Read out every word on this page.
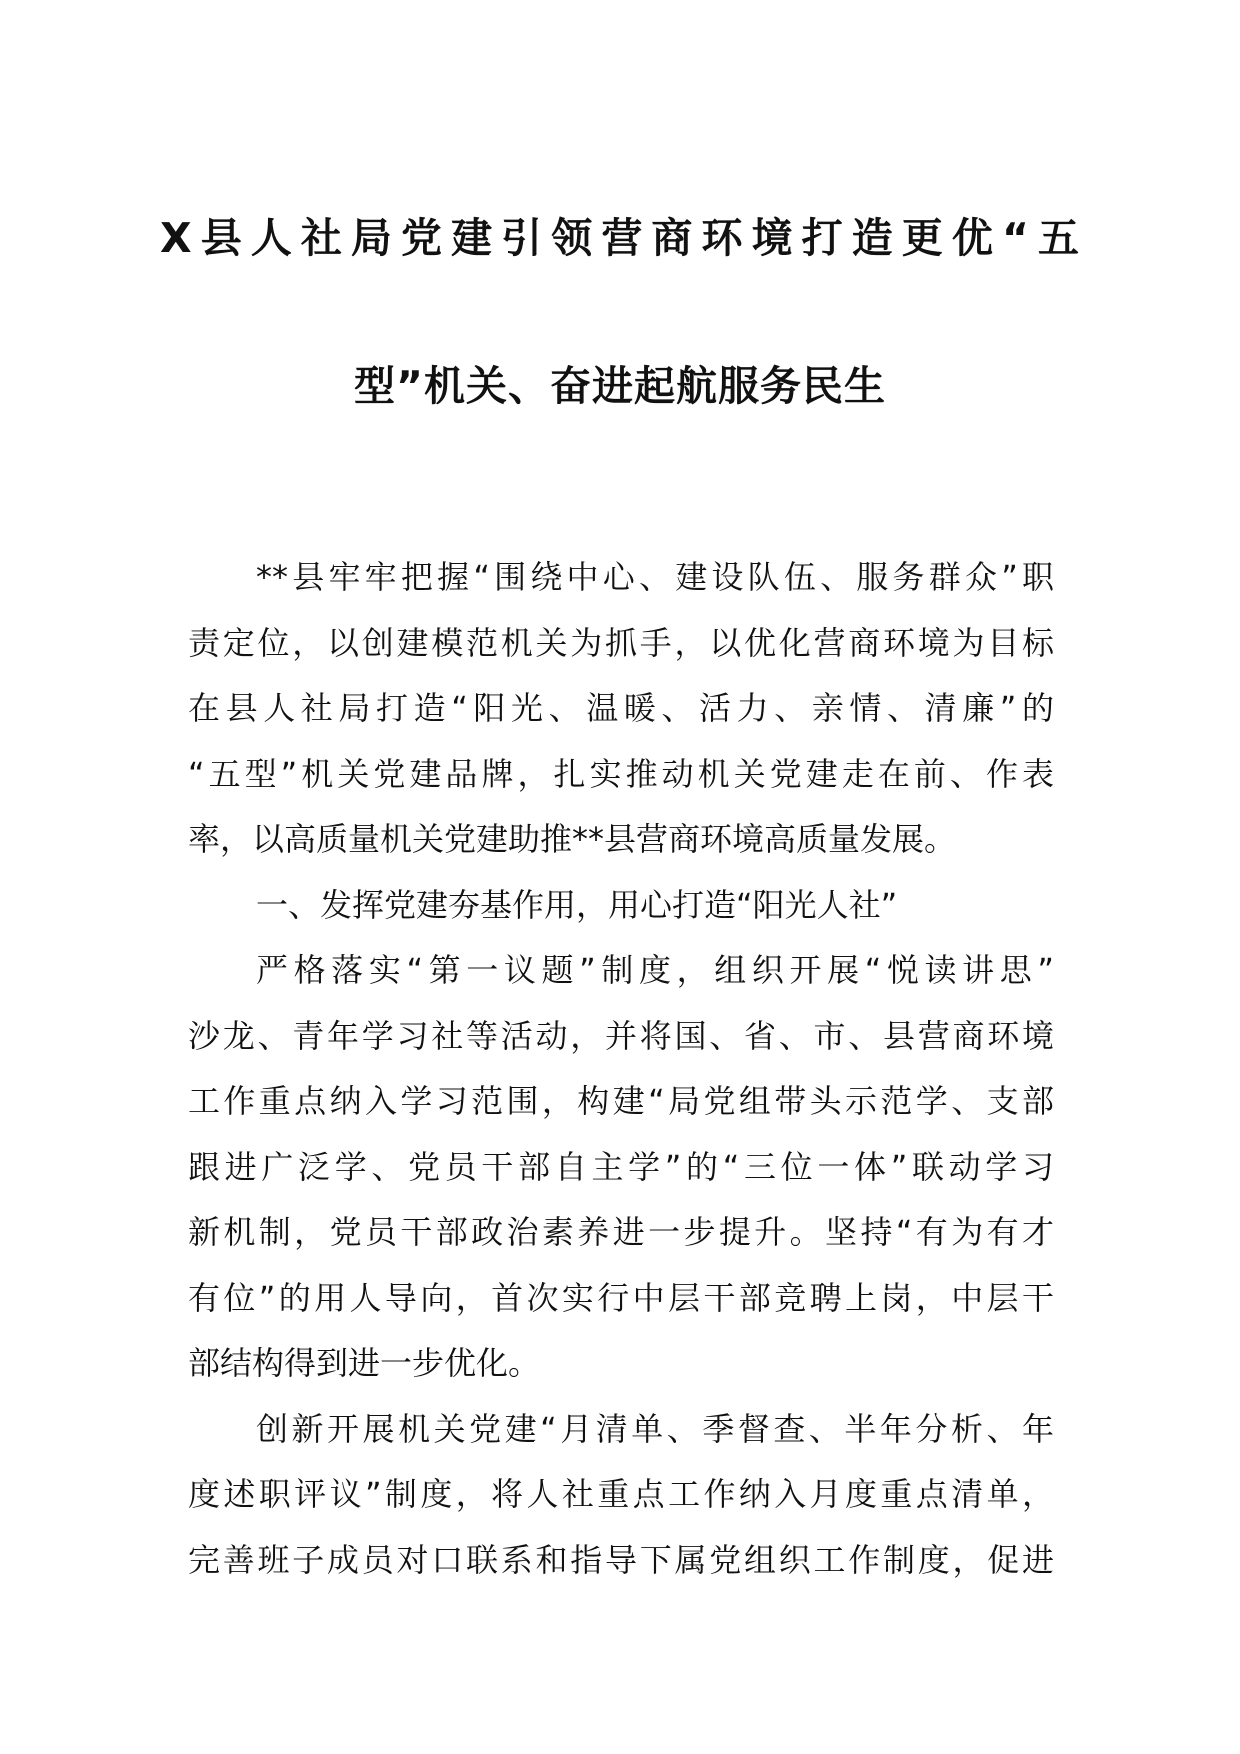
X县人社局党建引领营商环境打造更优“五
型”机关、奋进起航服务民生
**县牢牢把握“围绕中心、建设队伍、服务群众”职
责定位，以创建模范机关为抓手，以优化营商环境为目标
在县人社局打造“阳光、温暖、活力、亲情、清廉”的
“五型”机关党建品牌，扎实推动机关党建走在前、作表
率，以高质量机关党建助推**县营商环境高质量发展。
一、发挥党建夯基作用，用心打造“阳光人社”
严格落实“第一议题”制度，组织开展“悦读讲思”
沙龙、青年学习社等活动，并将国、省、市、县营商环境
工作重点纳入学习范围，构建“局党组带头示范学、支部
跟进广泛学、党员干部自主学”的“三位一体”联动学习
新机制，党员干部政治素养进一步提升。坚持“有为有才
有位”的用人导向，首次实行中层干部竞聘上岗，中层干
部结构得到进一步优化。
创新开展机关党建“月清单、季督查、半年分析、年
度述职评议”制度，将人社重点工作纳入月度重点清单，
完善班子成员对口联系和指导下属党组织工作制度，促进
